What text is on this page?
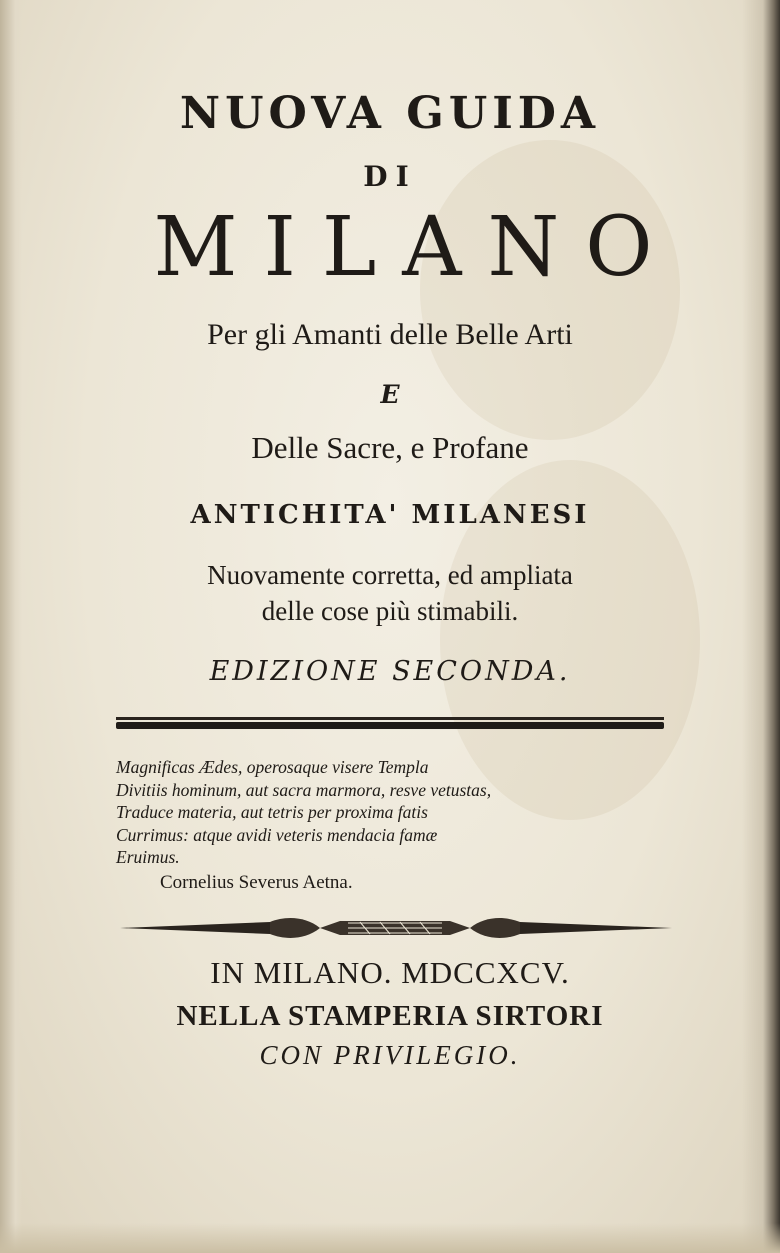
NUOVA GUIDA
DI
MILANO
Per gli Amanti delle Belle Arti
E
Delle Sacre, e Profane
ANTICHITA' MILANESI
Nuovamente corretta, ed ampliata
delle cose più stimabili.
EDIZIONE SECONDA.
Magnificas Ædes, operosaque visere Templa
Divitiis hominum, aut sacra marmora, resve vetustas,
Traduce materia, aut tetris per proxima fatis
Currimus: atque avidi veteris mendacia famæ
Eruimus.
Cornelius Severus Aetna.
IN MILANO. MDCCXCV.
NELLA STAMPERIA SIRTORI
CON PRIVILEGIO.
